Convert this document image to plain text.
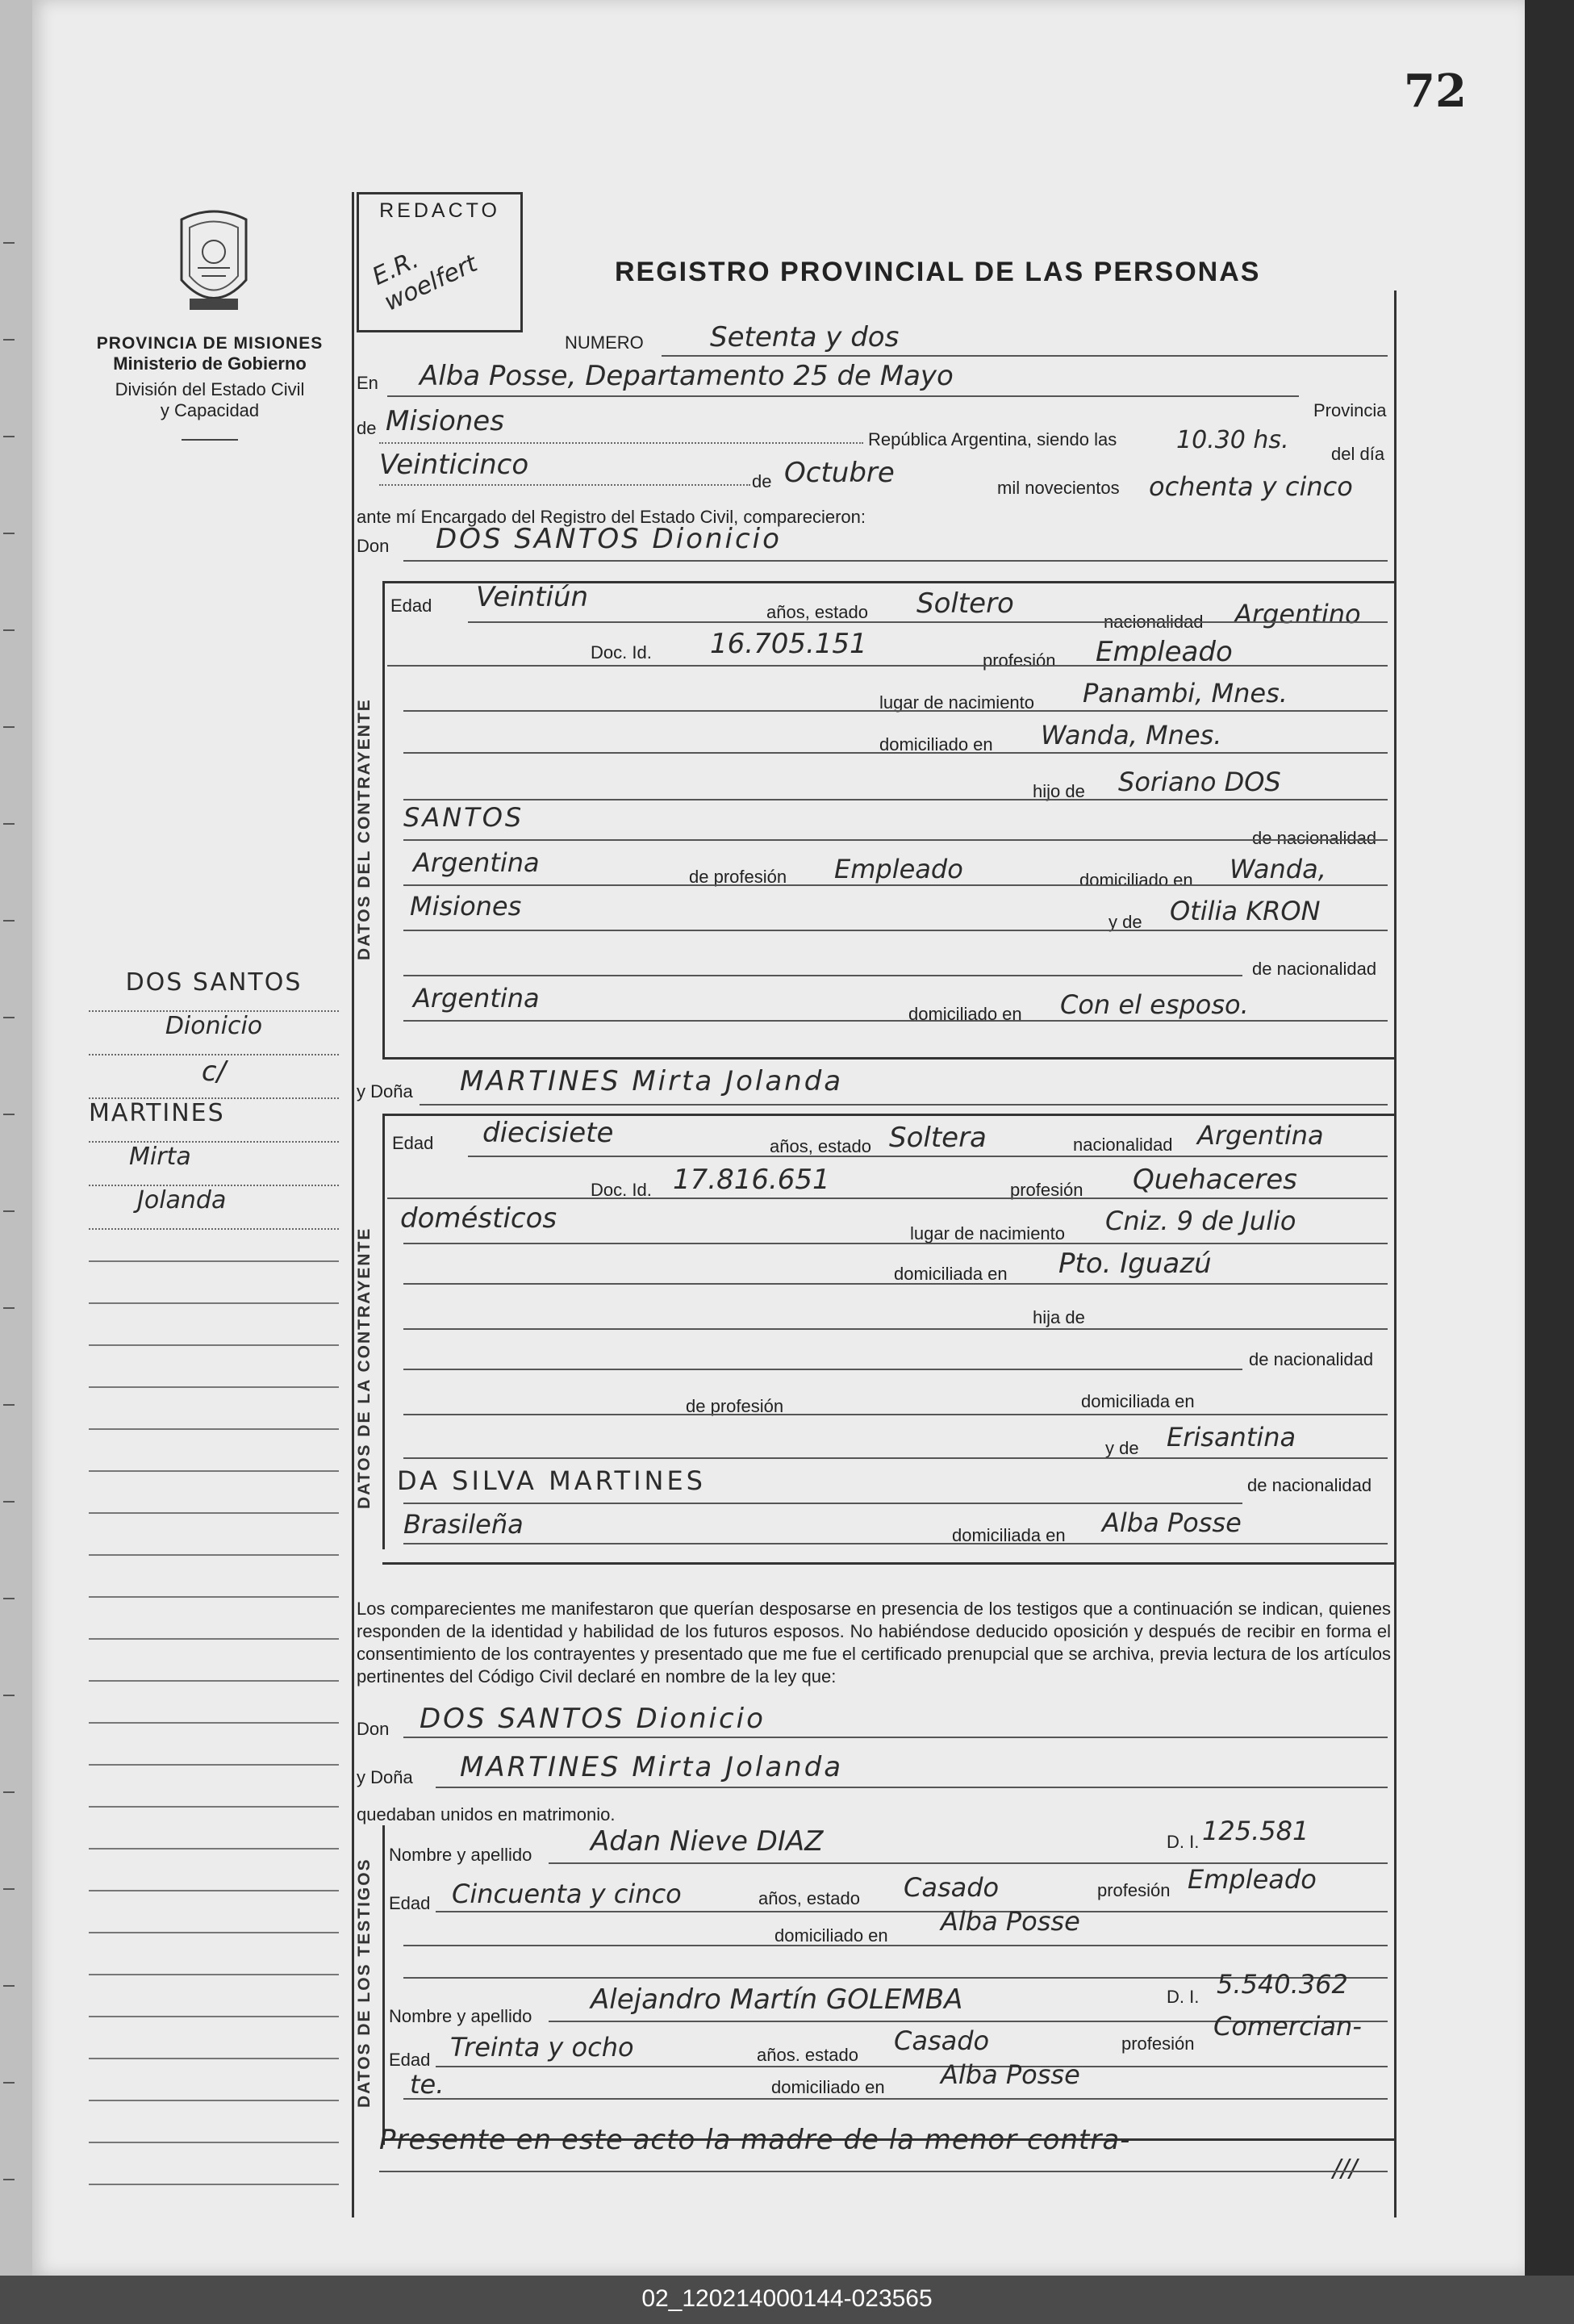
72
REDACTO
E.R. woelfert
PROVINCIA DE MISIONES
Ministerio de Gobierno
División del Estado Civil
y Capacidad
REGISTRO PROVINCIAL DE LAS PERSONAS
NUMERO Setenta y dos
En Alba Posse, Departamento 25 de Mayo
Provincia
de Misiones
República Argentina, siendo las 10.30 hs. del día
Veinticinco
de Octubre	mil novecientos ochenta y cinco
ante mí Encargado del Registro del Estado Civil, comparecieron:
Don DOS SANTOS Dionicio
DATOS DEL CONTRAYENTE
Edad Veintiún	años, estado Soltero
nacionalidad Argentino
Doc. Id. 16.705.151
profesión Empleado
lugar de nacimiento Panambi, Mnes.
domiciliado en Wanda, Mnes.
hijo de Soriano DOS
SANTOS
de nacionalidad
Argentina	de profesión Empleado	domiciliado en Wanda,
Misiones
y de Otilia KRON
de nacionalidad
Argentina
domiciliado en Con el esposo.
DOS SANTOS
Dionicio
c/
MARTINES
Mirta
Jolanda
y Doña MARTINES Mirta Jolanda
DATOS DE LA CONTRAYENTE
Edad diecisiete	años, estado Soltera	nacionalidad Argentina
Doc. Id. 17.816.651	profesión Quehaceres
domésticos	lugar de nacimiento Cniz. 9 de Julio
domiciliada en Pto. Iguazú
hija de
de nacionalidad
de profesión	domiciliada en
y de Erisantina
DA SILVA MARTINES	de nacionalidad
Brasileña	domiciliada en Alba Posse
Los comparecientes me manifestaron que querían desposarse en presencia de los testigos que a continuación se indican, quienes responden de la identidad y habilidad de los futuros esposos. No habiéndose deducido oposición y después de recibir en forma el consentimiento de los contrayentes y presentado que me fue el certificado prenupcial que se archiva, previa lectura de los artículos pertinentes del Código Civil declaré en nombre de la ley que:
Don DOS SANTOS Dionicio
y Doña MARTINES Mirta Jolanda
quedaban unidos en matrimonio.
DATOS DE LOS TESTIGOS
Nombre y apellido Adan Nieve DIAZ	D. I. 125.581
Edad Cincuenta y cinco	años, estado Casado	profesión Empleado
domiciliado en Alba Posse
Nombre y apellido
Alejandro Martín GOLEMBA	D. I. 5.540.362
Edad Treinta y ocho	años. estado Casado	profesión
Comercian-
te.	domiciliado en Alba Posse
Presente en este acto la madre de la menor contra-
///
02_120214000144-023565
